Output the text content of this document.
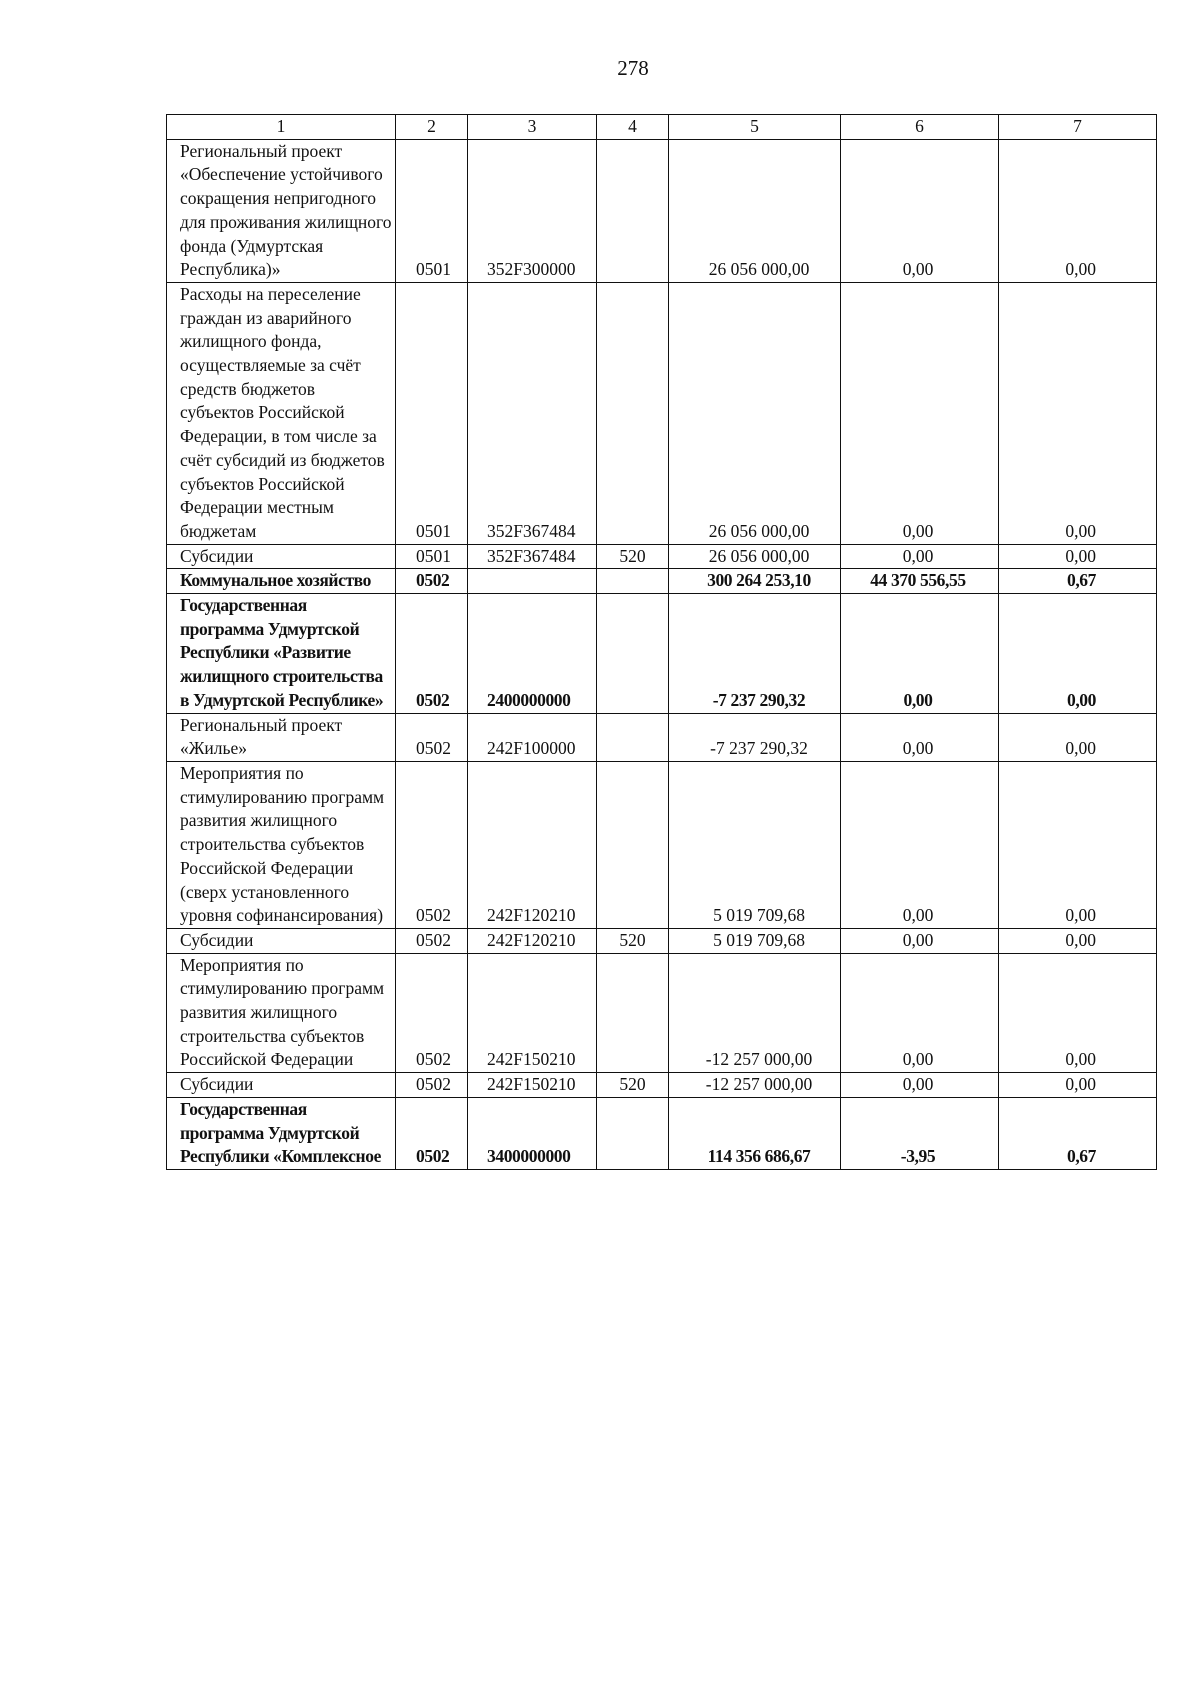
278
1	2	3	4	5	6	7
Региональный проект «Обеспечение устойчивого сокращения непригодного для проживания жилищного фонда (Удмуртская Республика)»	0501	352F300000		26 056 000,00	0,00	0,00
Расходы на переселение граждан из аварийного жилищного фонда, осуществляемые за счёт средств бюджетов субъектов Российской Федерации, в том числе за счёт субсидий из бюджетов субъектов Российской Федерации местным бюджетам	0501	352F367484		26 056 000,00	0,00	0,00
Субсидии	0501	352F367484	520	26 056 000,00	0,00	0,00
Коммунальное хозяйство	0502			300 264 253,10	44 370 556,55	0,67
Государственная программа Удмуртской Республики «Развитие жилищного строительства в Удмуртской Республике»	0502	2400000000		-7 237 290,32	0,00	0,00
Региональный проект «Жилье»	0502	242F100000		-7 237 290,32	0,00	0,00
Мероприятия по стимулированию программ развития жилищного строительства субъектов Российской Федерации (сверх установленного уровня софинансирования)	0502	242F120210		5 019 709,68	0,00	0,00
Субсидии	0502	242F120210	520	5 019 709,68	0,00	0,00
Мероприятия по стимулированию программ развития жилищного строительства субъектов Российской Федерации	0502	242F150210		-12 257 000,00	0,00	0,00
Субсидии	0502	242F150210	520	-12 257 000,00	0,00	0,00
Государственная программа Удмуртской Республики «Комплексное	0502	3400000000		114 356 686,67	-3,95	0,67
